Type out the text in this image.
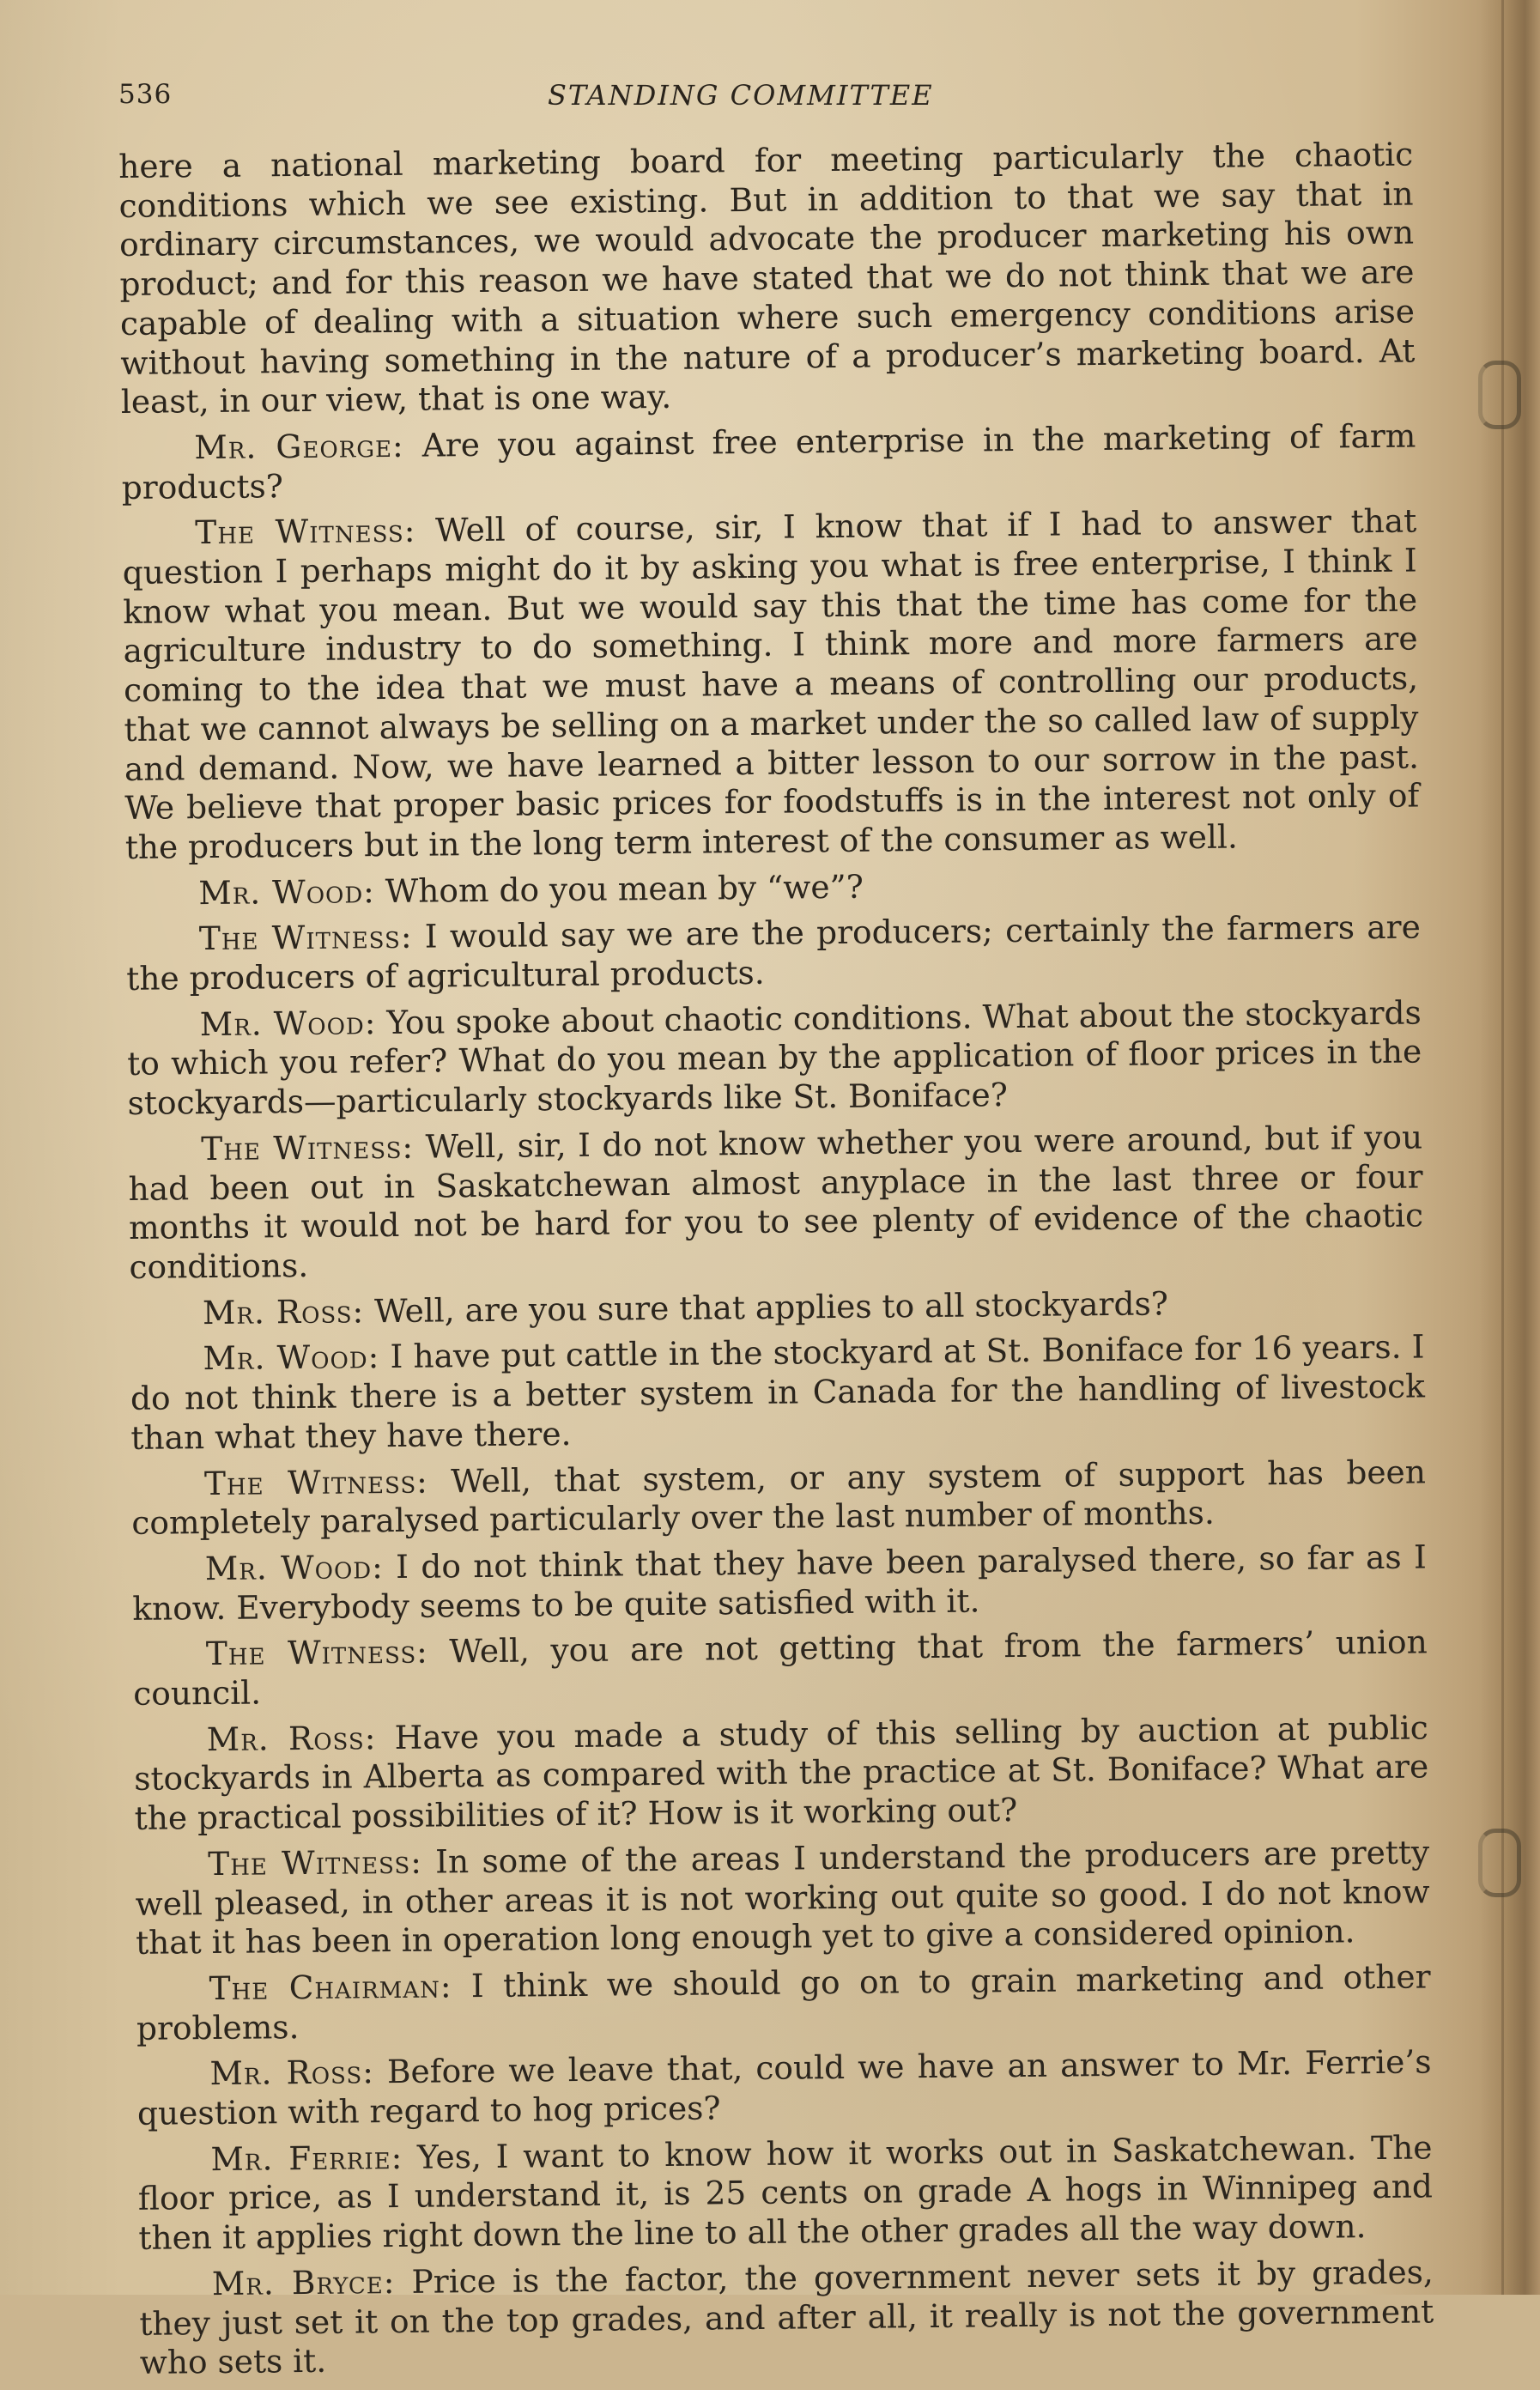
536	STANDING COMMITTEE

here a national marketing board for meeting particularly the chaotic conditions which we see existing. But in addition to that we say that in ordinary circumstances, we would advocate the producer marketing his own product; and for this reason we have stated that we do not think that we are capable of dealing with a situation where such emergency conditions arise without having something in the nature of a producer’s marketing board. At least, in our view, that is one way.

Mr. George: Are you against free enterprise in the marketing of farm products?

The Witness: Well of course, sir, I know that if I had to answer that question I perhaps might do it by asking you what is free enterprise, I think I know what you mean. But we would say this that the time has come for the agriculture industry to do something. I think more and more farmers are coming to the idea that we must have a means of controlling our products, that we cannot always be selling on a market under the so called law of supply and demand. Now, we have learned a bitter lesson to our sorrow in the past. We believe that proper basic prices for foodstuffs is in the interest not only of the producers but in the long term interest of the consumer as well.

Mr. Wood: Whom do you mean by “we”?

The Witness: I would say we are the producers; certainly the farmers are the producers of agricultural products.

Mr. Wood: You spoke about chaotic conditions. What about the stockyards to which you refer? What do you mean by the application of floor prices in the stockyards—particularly stockyards like St. Boniface?

The Witness: Well, sir, I do not know whether you were around, but if you had been out in Saskatchewan almost anyplace in the last three or four months it would not be hard for you to see plenty of evidence of the chaotic conditions.

Mr. Ross: Well, are you sure that applies to all stockyards?

Mr. Wood: I have put cattle in the stockyard at St. Boniface for 16 years. I do not think there is a better system in Canada for the handling of livestock than what they have there.

The Witness: Well, that system, or any system of support has been completely paralysed particularly over the last number of months.

Mr. Wood: I do not think that they have been paralysed there, so far as I know. Everybody seems to be quite satisfied with it.

The Witness: Well, you are not getting that from the farmers’ union council.

Mr. Ross: Have you made a study of this selling by auction at public stockyards in Alberta as compared with the practice at St. Boniface? What are the practical possibilities of it? How is it working out?

The Witness: In some of the areas I understand the producers are pretty well pleased, in other areas it is not working out quite so good. I do not know that it has been in operation long enough yet to give a considered opinion.

The Chairman: I think we should go on to grain marketing and other problems.

Mr. Ross: Before we leave that, could we have an answer to Mr. Ferrie’s question with regard to hog prices?

Mr. Ferrie: Yes, I want to know how it works out in Saskatchewan. The floor price, as I understand it, is 25 cents on grade A hogs in Winnipeg and then it applies right down the line to all the other grades all the way down.

Mr. Bryce: Price is the factor, the government never sets it by grades, they just set it on the top grades, and after all, it really is not the government who sets it.
